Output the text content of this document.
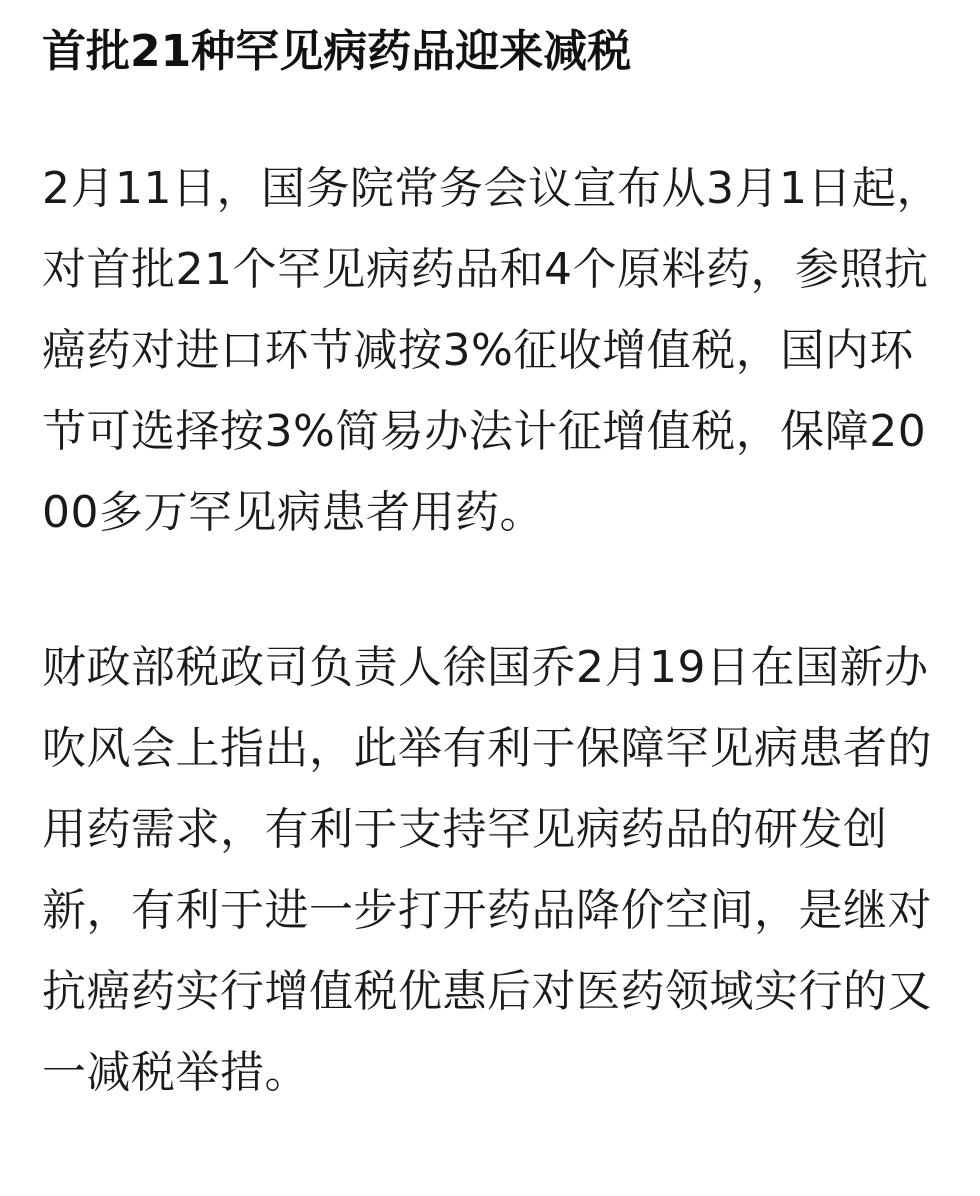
首批21种罕见病药品迎来减税

2月11日，国务院常务会议宣布从3月1日起，对首批21个罕见病药品和4个原料药，参照抗癌药对进口环节减按3%征收增值税，国内环节可选择按3%简易办法计征增值税，保障2000多万罕见病患者用药。

财政部税政司负责人徐国乔2月19日在国新办吹风会上指出，此举有利于保障罕见病患者的用药需求，有利于支持罕见病药品的研发创新，有利于进一步打开药品降价空间，是继对抗癌药实行增值税优惠后对医药领域实行的又一减税举措。
